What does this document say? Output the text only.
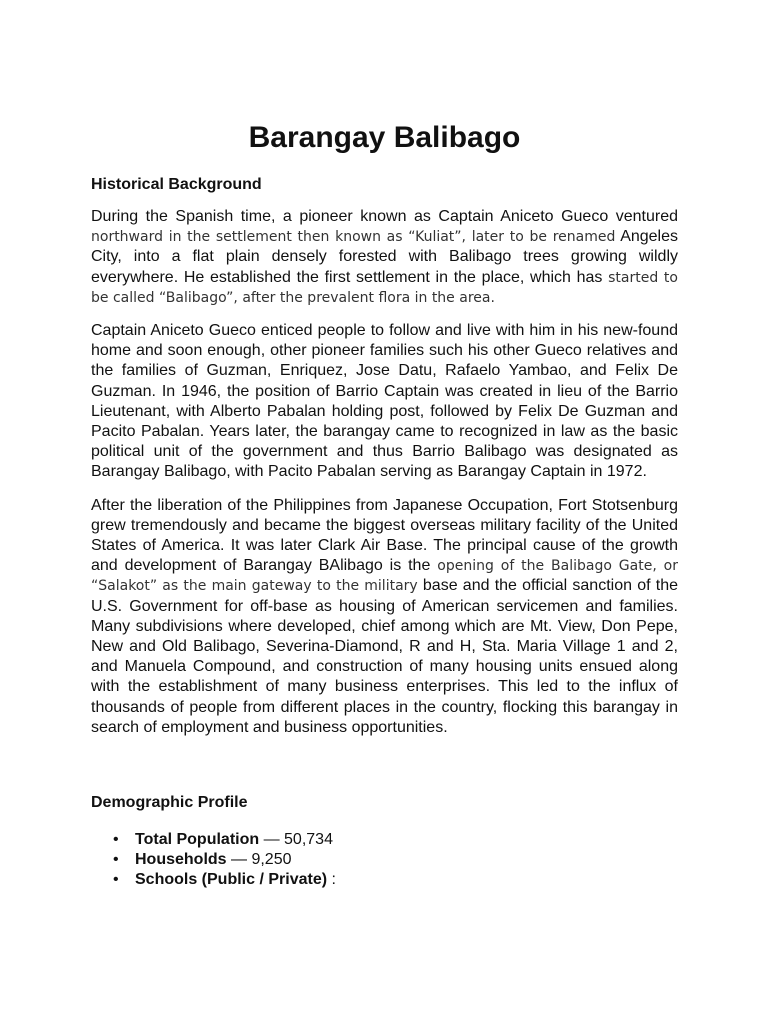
Barangay Balibago
Historical Background

During the Spanish time, a pioneer known as Captain Aniceto Gueco ventured northward in the settlement then known as “Kuliat”, later to be renamed Angeles City, into a flat plain densely forested with Balibago trees growing wildly everywhere. He established the first settlement in the place, which has started to be called “Balibago”, after the prevalent flora in the area.

Captain Aniceto Gueco enticed people to follow and live with him in his new-found home and soon enough, other pioneer families such his other Gueco relatives and the families of Guzman, Enriquez, Jose Datu, Rafaelo Yambao, and Felix De Guzman. In 1946, the position of Barrio Captain was created in lieu of the Barrio Lieutenant, with Alberto Pabalan holding post, followed by Felix De Guzman and Pacito Pabalan. Years later, the barangay came to recognized in law as the basic political unit of the government and thus Barrio Balibago was designated as Barangay Balibago, with Pacito Pabalan serving as Barangay Captain in 1972.

After the liberation of the Philippines from Japanese Occupation, Fort Stotsenburg grew tremendously and became the biggest overseas military facility of the United States of America. It was later Clark Air Base. The principal cause of the growth and development of Barangay BAlibago is the opening of the Balibago Gate, or “Salakot” as the main gateway to the military base and the official sanction of the U.S. Government for off-base as housing of American servicemen and families. Many subdivisions where developed, chief among which are Mt. View, Don Pepe, New and Old Balibago, Severina-Diamond, R and H, Sta. Maria Village 1 and 2, and Manuela Compound, and construction of many housing units ensued along with the establishment of many business enterprises. This led to the influx of thousands of people from different places in the country, flocking this barangay in search of employment and business opportunities.

Demographic Profile
• Total Population — 50,734
• Households — 9,250
• Schools (Public / Private) :
